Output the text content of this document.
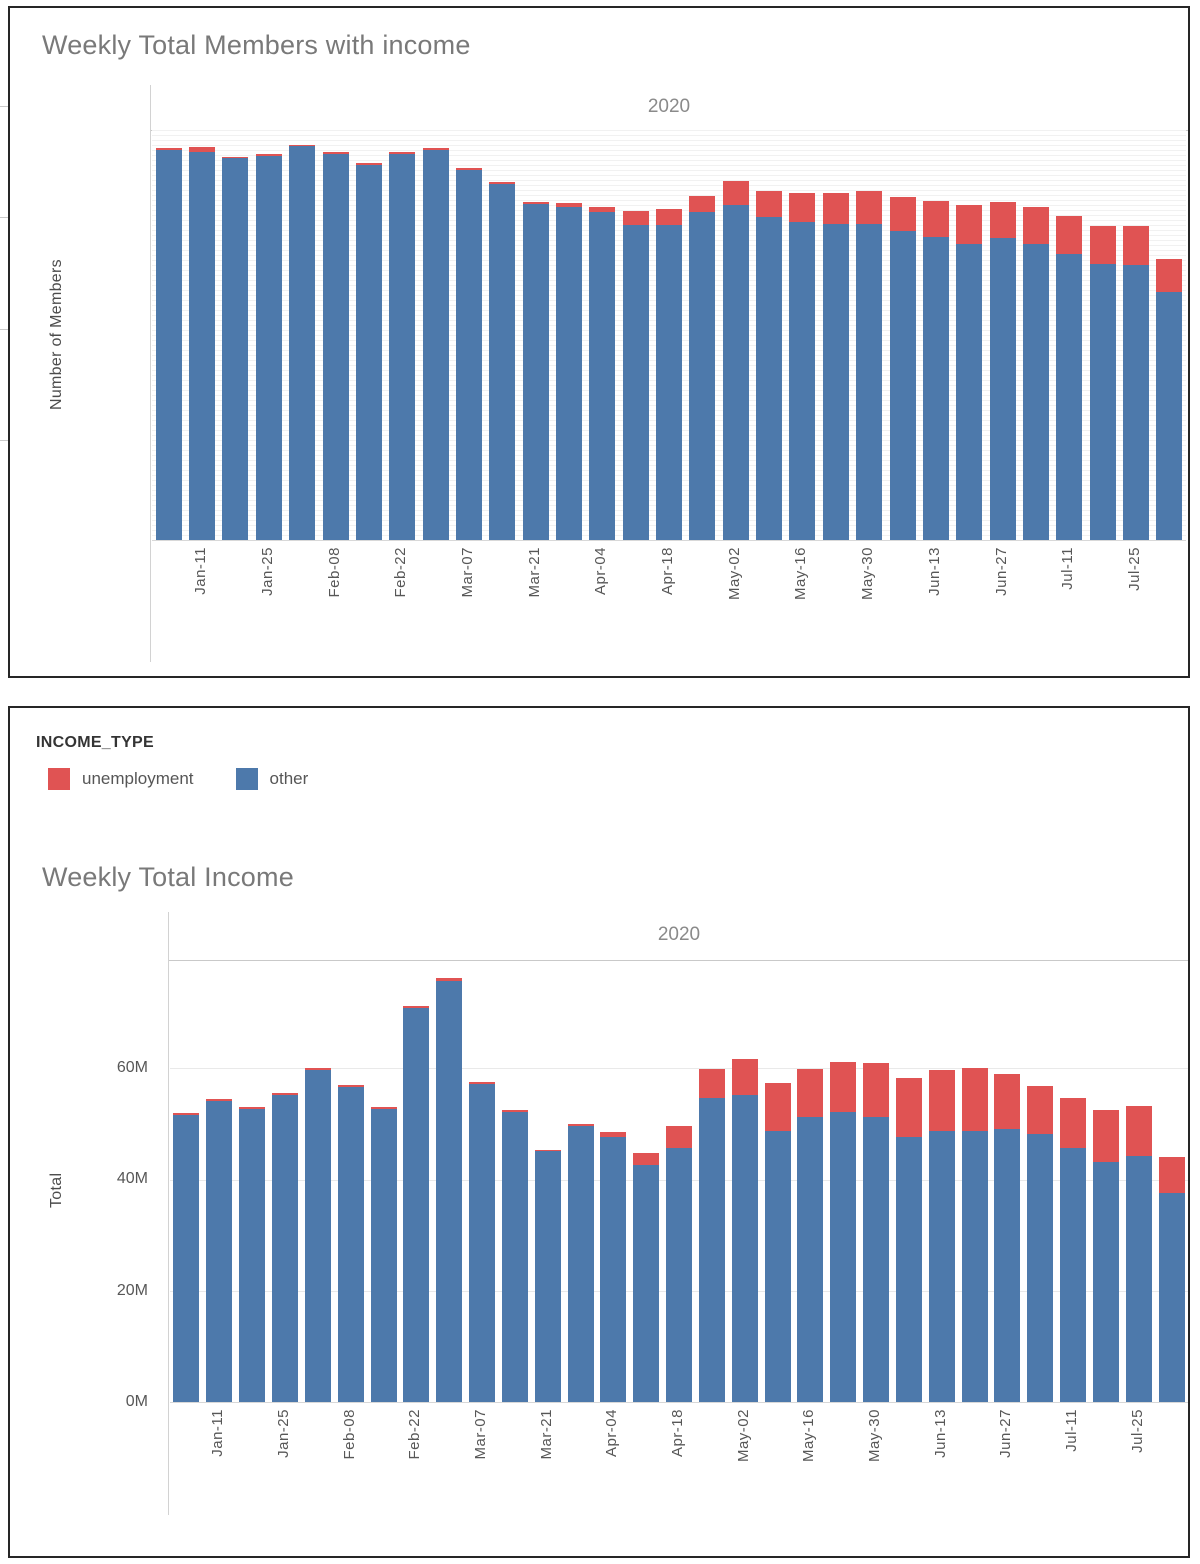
Weekly Total Members with income
2020
Number of Members
Jan-11	Jan-25	Feb-08	Feb-22	Mar-07	Mar-21	Apr-04	Apr-18	May-02	May-16	May-30	Jun-13	Jun-27	Jul-11	Jul-25
INCOME_TYPE
unemployment	other
Weekly Total Income
2020
Total
0M
20M
40M
60M
Jan-11	Jan-25	Feb-08	Feb-22	Mar-07	Mar-21	Apr-04	Apr-18	May-02	May-16	May-30	Jun-13	Jun-27	Jul-11	Jul-25
